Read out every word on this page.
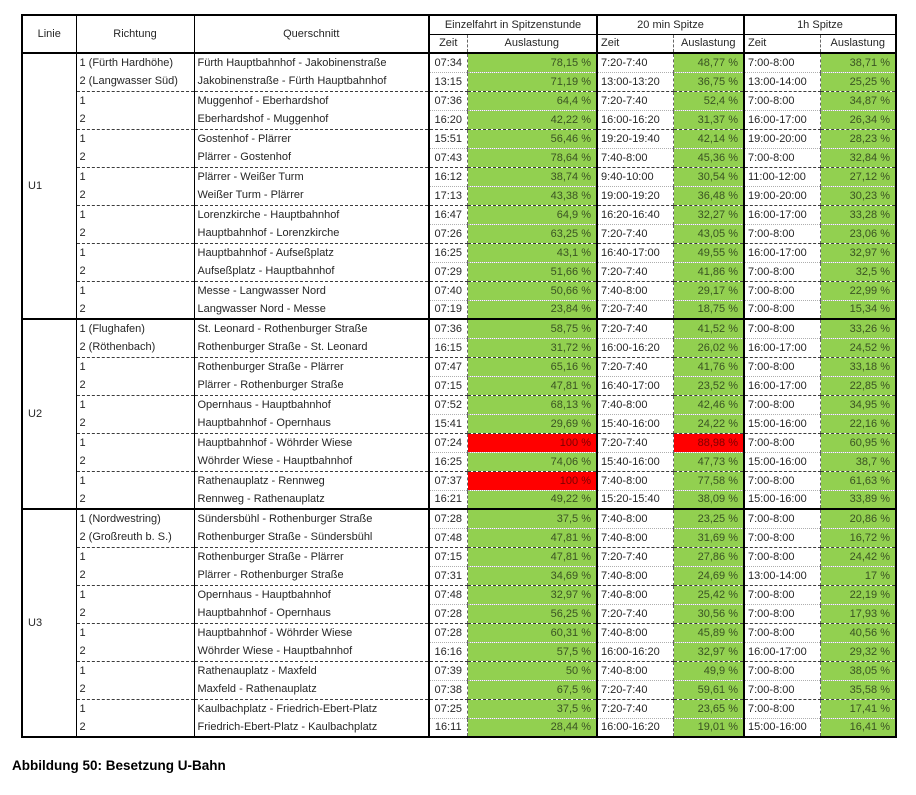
Linie	Richtung	Querschnitt	Einzelfahrt in Spitzenstunde		20 min Spitze		1h Spitze	
			Zeit	Auslastung	Zeit	Auslastung	Zeit	Auslastung
U1	1 (Fürth Hardhöhe)	Fürth Hauptbahnhof - Jakobinenstraße	07:34	78,15 %	7:20-7:40	48,77 %	7:00-8:00	38,71 %
	2 (Langwasser Süd)	Jakobinenstraße - Fürth Hauptbahnhof	13:15	71,19 %	13:00-13:20	36,75 %	13:00-14:00	25,25 %
	1	Muggenhof - Eberhardshof	07:36	64,4 %	7:20-7:40	52,4 %	7:00-8:00	34,87 %
	2	Eberhardshof - Muggenhof	16:20	42,22 %	16:00-16:20	31,37 %	16:00-17:00	26,34 %
	1	Gostenhof - Plärrer	15:51	56,46 %	19:20-19:40	42,14 %	19:00-20:00	28,23 %
	2	Plärrer - Gostenhof	07:43	78,64 %	7:40-8:00	45,36 %	7:00-8:00	32,84 %
	1	Plärrer - Weißer Turm	16:12	38,74 %	9:40-10:00	30,54 %	11:00-12:00	27,12 %
	2	Weißer Turm - Plärrer	17:13	43,38 %	19:00-19:20	36,48 %	19:00-20:00	30,23 %
	1	Lorenzkirche - Hauptbahnhof	16:47	64,9 %	16:20-16:40	32,27 %	16:00-17:00	33,28 %
	2	Hauptbahnhof - Lorenzkirche	07:26	63,25 %	7:20-7:40	43,05 %	7:00-8:00	23,06 %
	1	Hauptbahnhof - Aufseßplatz	16:25	43,1 %	16:40-17:00	49,55 %	16:00-17:00	32,97 %
	2	Aufseßplatz - Hauptbahnhof	07:29	51,66 %	7:20-7:40	41,86 %	7:00-8:00	32,5 %
	1	Messe - Langwasser Nord	07:40	50,66 %	7:40-8:00	29,17 %	7:00-8:00	22,99 %
	2	Langwasser Nord - Messe	07:19	23,84 %	7:20-7:40	18,75 %	7:00-8:00	15,34 %
U2	1 (Flughafen)	St. Leonard - Rothenburger Straße	07:36	58,75 %	7:20-7:40	41,52 %	7:00-8:00	33,26 %
	2 (Röthenbach)	Rothenburger Straße - St. Leonard	16:15	31,72 %	16:00-16:20	26,02 %	16:00-17:00	24,52 %
	1	Rothenburger Straße - Plärrer	07:47	65,16 %	7:20-7:40	41,76 %	7:00-8:00	33,18 %
	2	Plärrer - Rothenburger Straße	07:15	47,81 %	16:40-17:00	23,52 %	16:00-17:00	22,85 %
	1	Opernhaus - Hauptbahnhof	07:52	68,13 %	7:40-8:00	42,46 %	7:00-8:00	34,95 %
	2	Hauptbahnhof - Opernhaus	15:41	29,69 %	15:40-16:00	24,22 %	15:00-16:00	22,16 %
	1	Hauptbahnhof - Wöhrder Wiese	07:24	100 %	7:20-7:40	88,98 %	7:00-8:00	60,95 %
	2	Wöhrder Wiese - Hauptbahnhof	16:25	74,06 %	15:40-16:00	47,73 %	15:00-16:00	38,7 %
	1	Rathenauplatz - Rennweg	07:37	100 %	7:40-8:00	77,58 %	7:00-8:00	61,63 %
	2	Rennweg - Rathenauplatz	16:21	49,22 %	15:20-15:40	38,09 %	15:00-16:00	33,89 %
U3	1 (Nordwestring)	Sündersbühl - Rothenburger Straße	07:28	37,5 %	7:40-8:00	23,25 %	7:00-8:00	20,86 %
	2 (Großreuth b. S.)	Rothenburger Straße - Sündersbühl	07:48	47,81 %	7:40-8:00	31,69 %	7:00-8:00	16,72 %
	1	Rothenburger Straße - Plärrer	07:15	47,81 %	7:20-7:40	27,86 %	7:00-8:00	24,42 %
	2	Plärrer - Rothenburger Straße	07:31	34,69 %	7:40-8:00	24,69 %	13:00-14:00	17 %
	1	Opernhaus - Hauptbahnhof	07:48	32,97 %	7:40-8:00	25,42 %	7:00-8:00	22,19 %
	2	Hauptbahnhof - Opernhaus	07:28	56,25 %	7:20-7:40	30,56 %	7:00-8:00	17,93 %
	1	Hauptbahnhof - Wöhrder Wiese	07:28	60,31 %	7:40-8:00	45,89 %	7:00-8:00	40,56 %
	2	Wöhrder Wiese - Hauptbahnhof	16:16	57,5 %	16:00-16:20	32,97 %	16:00-17:00	29,32 %
	1	Rathenauplatz - Maxfeld	07:39	50 %	7:40-8:00	49,9 %	7:00-8:00	38,05 %
	2	Maxfeld - Rathenauplatz	07:38	67,5 %	7:20-7:40	59,61 %	7:00-8:00	35,58 %
	1	Kaulbachplatz - Friedrich-Ebert-Platz	07:25	37,5 %	7:20-7:40	23,65 %	7:00-8:00	17,41 %
	2	Friedrich-Ebert-Platz - Kaulbachplatz	16:11	28,44 %	16:00-16:20	19,01 %	15:00-16:00	16,41 %
Abbildung 50: Besetzung U-Bahn
